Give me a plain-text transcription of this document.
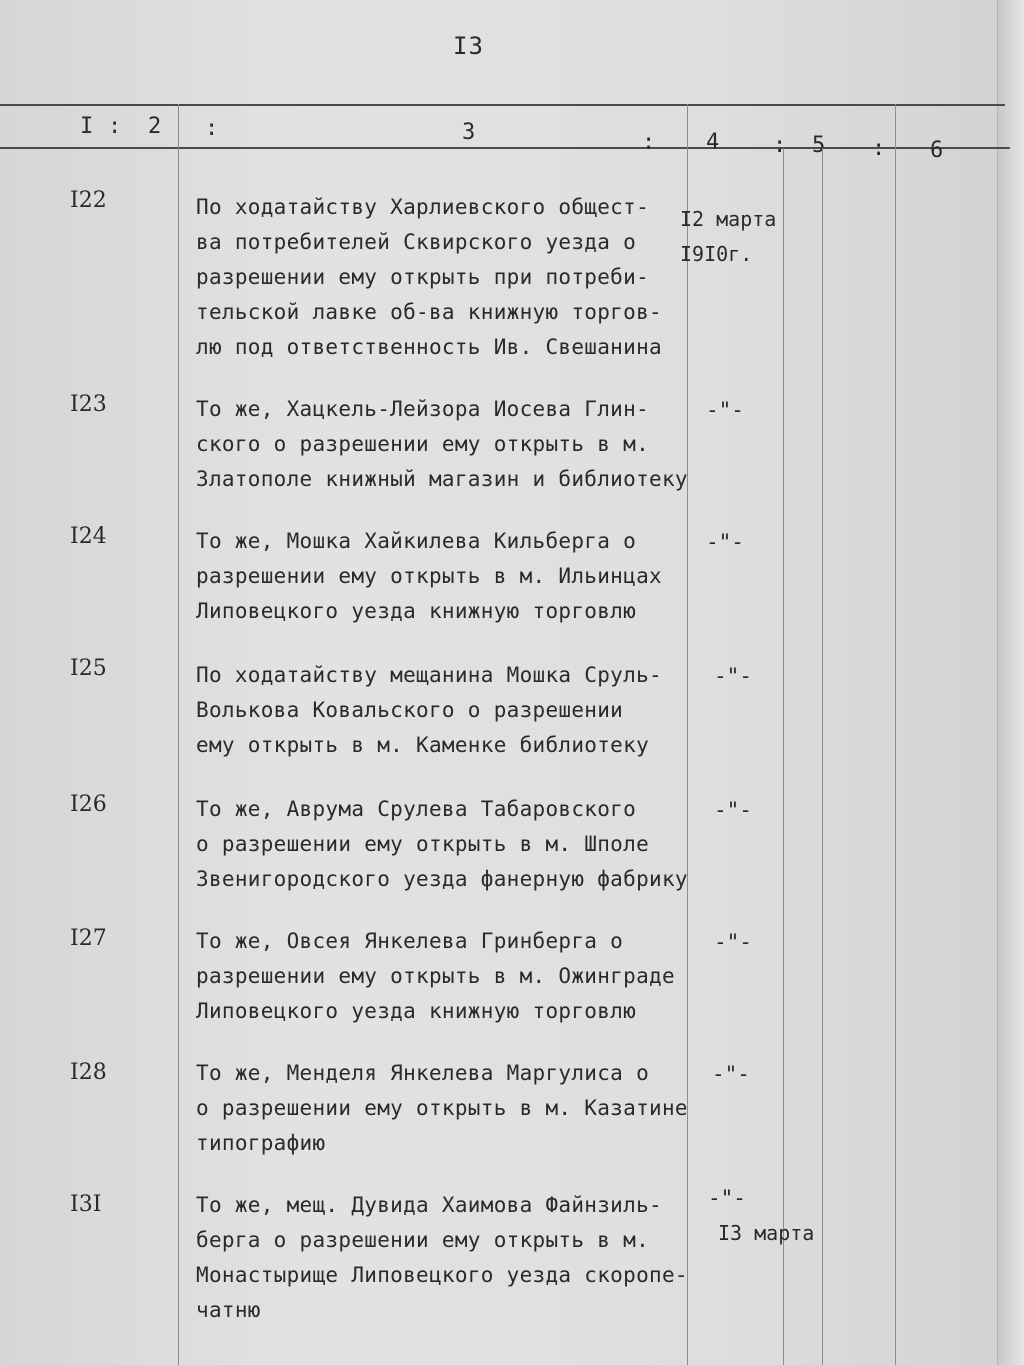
I3
I : 2 :	3	: 4 : 5 : 6
I22	По ходатайству Харлиевского общест-
ва потребителей Сквирского уезда о
разрешении ему открыть при потреби-
тельской лавке об-ва книжную торгов-
лю под ответственность Ив. Свешанина
I2 марта
I9I0г.
I23	То же, Хацкель-Лейзора Иосева Глин-
ского о разрешении ему открыть в м.
Златополе книжный магазин и библиотеку
-"-
I24	То же, Мошка Хайкилева Кильберга о
разрешении ему открыть в м. Ильинцах
Липовецкого уезда книжную торговлю
-"-
I25	По ходатайству мещанина Мошка Сруль-
Волькова Ковальского о разрешении
ему открыть в м. Каменке библиотеку
-"-
I26	То же, Аврума Срулева Табаровского
о разрешении ему открыть в м. Шполе
Звенигородского уезда фанерную фабрику
-"-
I27	То же, Овсея Янкелева Гринберга о
разрешении ему открыть в м. Ожинграде
Липовецкого уезда книжную торговлю
-"-
I28	То же, Менделя Янкелева Маргулиса о
о разрешении ему открыть в м. Казатине
типографию
-"-
I3I	То же, мещ. Дувида Хаимова Файнзиль-
берга о разрешении ему открыть в м.
Монастырище Липовецкого уезда скоропе-
чатню
-"-
I3 марта
